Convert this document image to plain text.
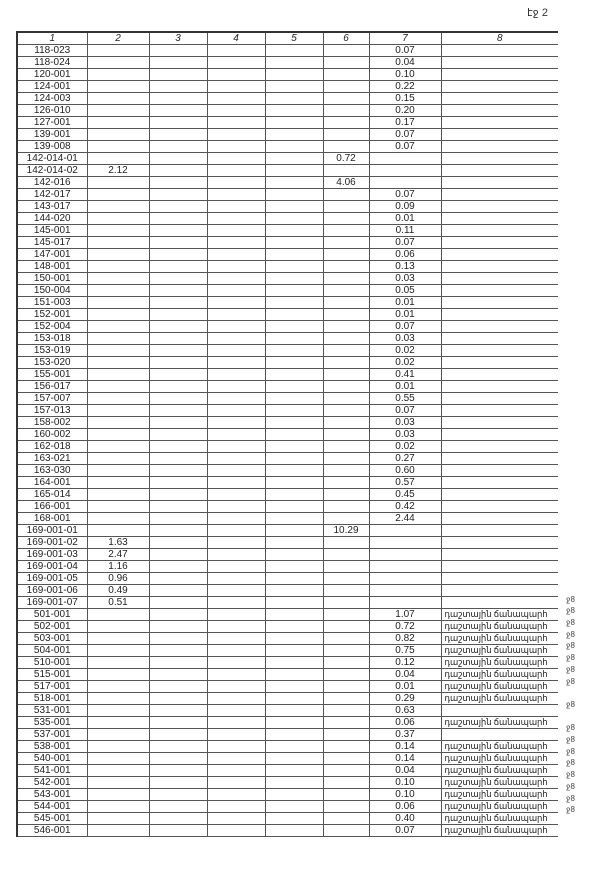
էջ 2
1	2	3	4	5	6	7	8
118-023						0.07	
118-024						0.04	
120-001						0.10	
124-001						0.22	
124-003						0.15	
126-010						0.20	
127-001						0.17	
139-001						0.07	
139-008						0.07	
142-014-01					0.72		
142-014-02	2.12						
142-016					4.06		
142-017						0.07	
143-017						0.09	
144-020						0.01	
145-001						0.11	
145-017						0.07	
147-001						0.06	
148-001						0.13	
150-001						0.03	
150-004						0.05	
151-003						0.01	
152-001						0.01	
152-004						0.07	
153-018						0.03	
153-019						0.02	
153-020						0.02	
155-001						0.41	
156-017						0.01	
157-007						0.55	
157-013						0.07	
158-002						0.03	
160-002						0.03	
162-018						0.02	
163-021						0.27	
163-030						0.60	
164-001						0.57	
165-014						0.45	
166-001						0.42	
168-001						2.44	
169-001-01					10.29		
169-001-02	1.63						
169-001-03	2.47						
169-001-04	1.16						
169-001-05	0.96						
169-001-06	0.49						
169-001-07	0.51						
501-001						1.07	դաշտային ճանապարհ
502-001						0.72	դաշտային ճանապարհ
503-001						0.82	դաշտային ճանապարհ
504-001						0.75	դաշտային ճանապարհ
510-001						0.12	դաշտային ճանապարհ
515-001						0.04	դաշտային ճանապարհ
517-001						0.01	դաշտային ճանապարհ
518-001						0.29	դաշտային ճանապարհ
531-001						0.63	
535-001						0.06	դաշտային ճանապարհ
537-001						0.37	
538-001						0.14	դաշտային ճանապարհ
540-001						0.14	դաշտային ճանապարհ
541-001						0.04	դաշտային ճանապարհ
542-001						0.10	դաշտային ճանապարհ
543-001						0.10	դաշտային ճանապարհ
544-001						0.06	դաշտային ճանապարհ
545-001						0.40	դաշտային ճանապարհ
546-001						0.07	դաշտային ճանապարհ
ջ8
ջ8
ջ8
ջ8
ջ8
ջ8
ջ8
ջ8
ջ8
ջ8
ջ8
ջ8
ջ8
ջ8
ջ8
ջ8
ջ8
